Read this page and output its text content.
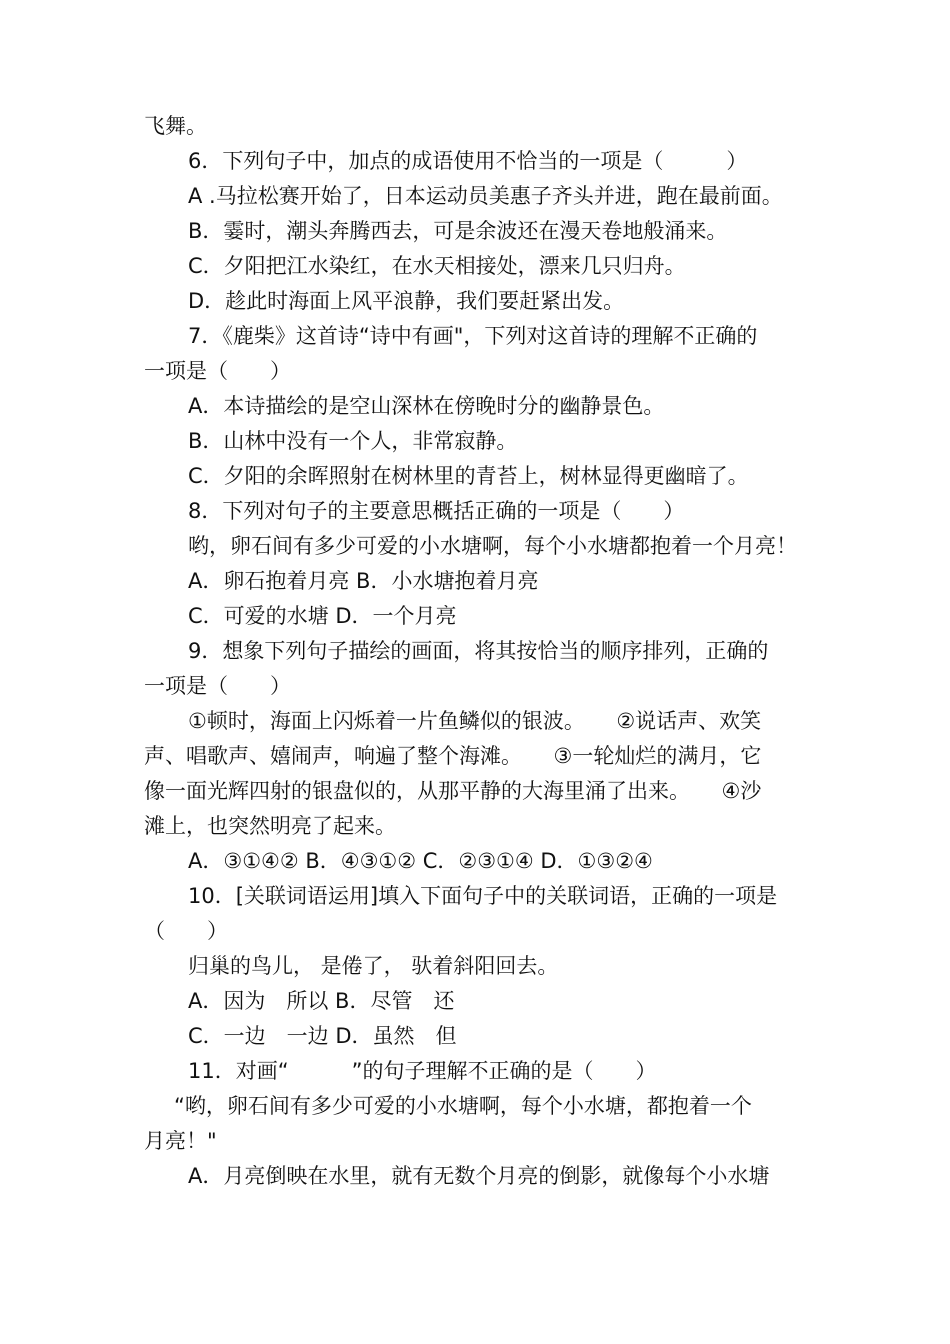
飞舞。
6．下列句子中，加点的成语使用不恰当的一项是（　　　）
A .马拉松赛开始了，日本运动员美惠子齐头并进，跑在最前面。
B．霎时，潮头奔腾西去，可是余波还在漫天卷地般涌来。
C．夕阳把江水染红，在水天相接处，漂来几只归舟。
D．趁此时海面上风平浪静，我们要赶紧出发。
7．《鹿柴》这首诗“诗中有画"，下列对这首诗的理解不正确的
一项是（　　）
A．本诗描绘的是空山深林在傍晚时分的幽静景色。
B．山林中没有一个人，非常寂静。
C．夕阳的余晖照射在树林里的青苔上，树林显得更幽暗了。
8．下列对句子的主要意思概括正确的一项是（　　）
哟，卵石间有多少可爱的小水塘啊，每个小水塘都抱着一个月亮！
A．卵石抱着月亮 B．小水塘抱着月亮
C．可爱的水塘 D．一个月亮
9．想象下列句子描绘的画面，将其按恰当的顺序排列，正确的
一项是（　　）
①顿时，海面上闪烁着一片鱼鳞似的银波。　　②说话声、欢笑
声、唱歌声、嬉闹声，响遍了整个海滩。　　③一轮灿烂的满月，它
像一面光辉四射的银盘似的，从那平静的大海里涌了出来。　　④沙
滩上，也突然明亮了起来。
A．③①④② B．④③①② C．②③①④ D．①③②④
10．[关联词语运用]填入下面句子中的关联词语，正确的一项是
（　　）
归巢的鸟儿， 是倦了， 驮着斜阳回去。
A．因为　所以 B．尽管　还
C．一边　一边 D．虽然　但
11．对画“　　　”的句子理解不正确的是（　　）
“哟，卵石间有多少可爱的小水塘啊，每个小水塘，都抱着一个
月亮！"
A．月亮倒映在水里，就有无数个月亮的倒影，就像每个小水塘
